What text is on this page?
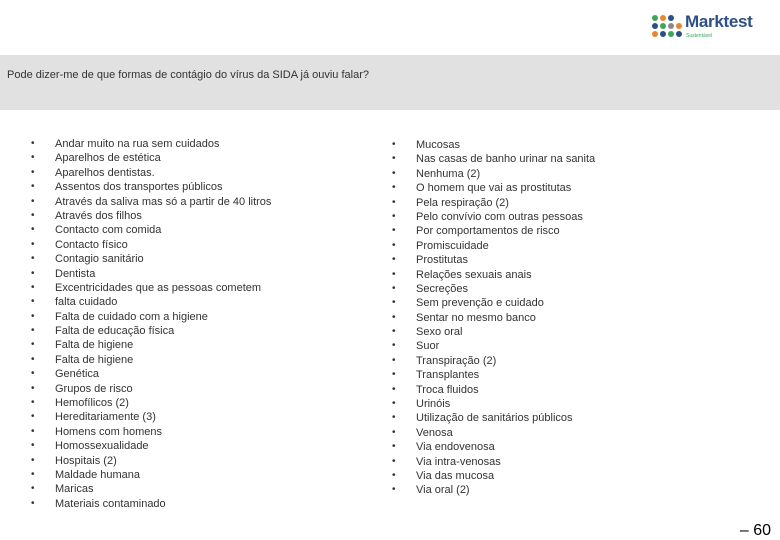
Marktest
Sustentável
Pode dizer-me de que formas de contágio do vírus da SIDA já ouviu falar?
•	Andar muito na rua sem cuidados
•	Aparelhos de estética
•	Aparelhos dentistas.
•	Assentos dos transportes públicos
•	Através da saliva mas só a partir de 40 litros
•	Através dos filhos
•	Contacto com comida
•	Contacto físico
•	Contagio sanitário
•	Dentista
•	Excentricidades que as pessoas cometem
•	falta cuidado
•	Falta de cuidado com a higiene
•	Falta de educação física
•	Falta de higiene
•	Falta de higiene
•	Genética
•	Grupos de risco
•	Hemofílicos (2)
•	Hereditariamente (3)
•	Homens com homens
•	Homossexualidade
•	Hospitais (2)
•	Maldade humana
•	Maricas
•	Materiais contaminado
•	Mucosas
•	Nas casas de banho urinar na sanita
•	Nenhuma (2)
•	O homem que vai as prostitutas
•	Pela respiração (2)
•	Pelo convívio com outras pessoas
•	Por comportamentos de risco
•	Promiscuidade
•	Prostitutas
•	Relações sexuais anais
•	Secreções
•	Sem prevenção e cuidado
•	Sentar no mesmo banco
•	Sexo oral
•	Suor
•	Transpiração (2)
•	Transplantes
•	Troca fluidos
•	Urinóis
•	Utilização de sanitários públicos
•	Venosa
•	Via endovenosa
•	Via intra-venosas
•	Via das mucosa
•	Via oral (2)
– 60
